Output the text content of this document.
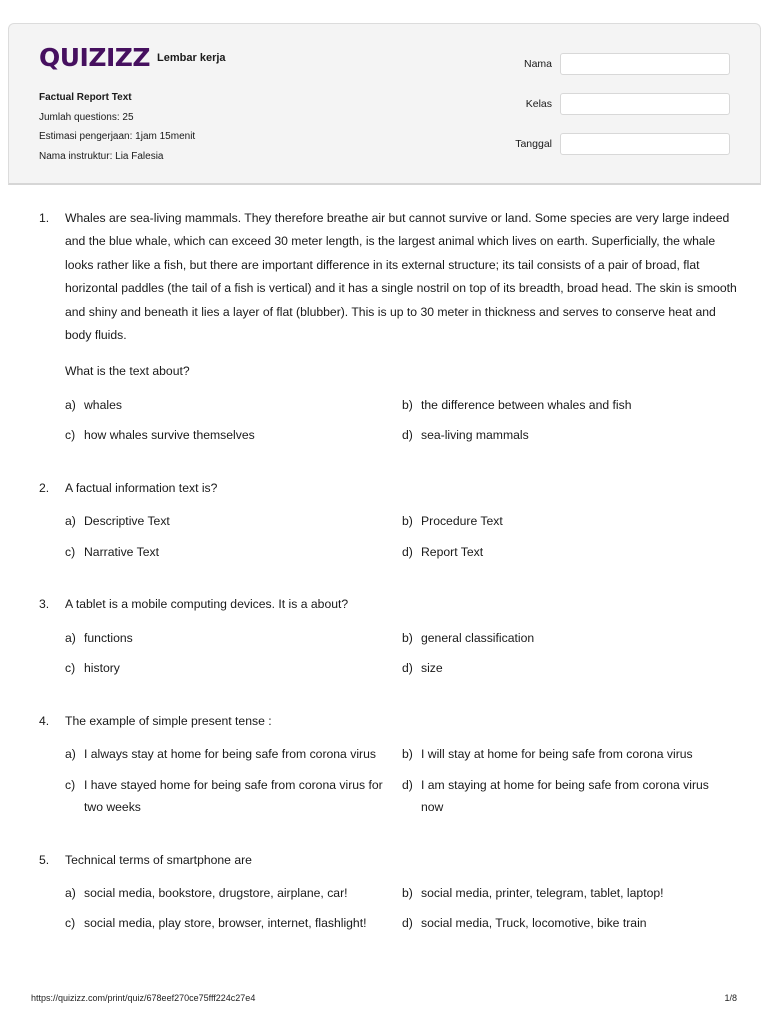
QUIZIZZ Lembar kerja
Factual Report Text
Jumlah questions: 25
Estimasi pengerjaan: 1jam 15menit
Nama instruktur: Lia Falesia
Nama
Kelas
Tanggal
1.	Whales are sea-living mammals. They therefore breathe air but cannot survive or land. Some species are very large indeed and the blue whale, which can exceed 30 meter length, is the largest animal which lives on earth. Superficially, the whale looks rather like a fish, but there are important difference in its external structure; its tail consists of a pair of broad, flat horizontal paddles (the tail of a fish is vertical) and it has a single nostril on top of its breadth, broad head. The skin is smooth and shiny and beneath it lies a layer of flat (blubber). This is up to 30 meter in thickness and serves to conserve heat and body fluids.
What is the text about?
a) whales	b) the difference between whales and fish
c) how whales survive themselves	d) sea-living mammals
2.	A factual information text is?
a) Descriptive Text	b) Procedure Text
c) Narrative Text	d) Report Text
3.	A tablet is a mobile computing devices. It is a about?
a) functions	b) general classification
c) history	d) size
4.	The example of simple present tense :
a) I always stay at home for being safe from corona virus	b) I will stay at home for being safe from corona virus
c) I have stayed home for being safe from corona virus for two weeks
d) I am staying at home for being safe from corona virus now
5.	Technical terms of smartphone are
a) social media, bookstore, drugstore, airplane, car!	b) social media, printer, telegram, tablet, laptop!
c) social media, play store, browser, internet, flashlight!	d) social media, Truck, locomotive, bike train
https://quizizz.com/print/quiz/678eef270ce75fff224c27e4	1/8
